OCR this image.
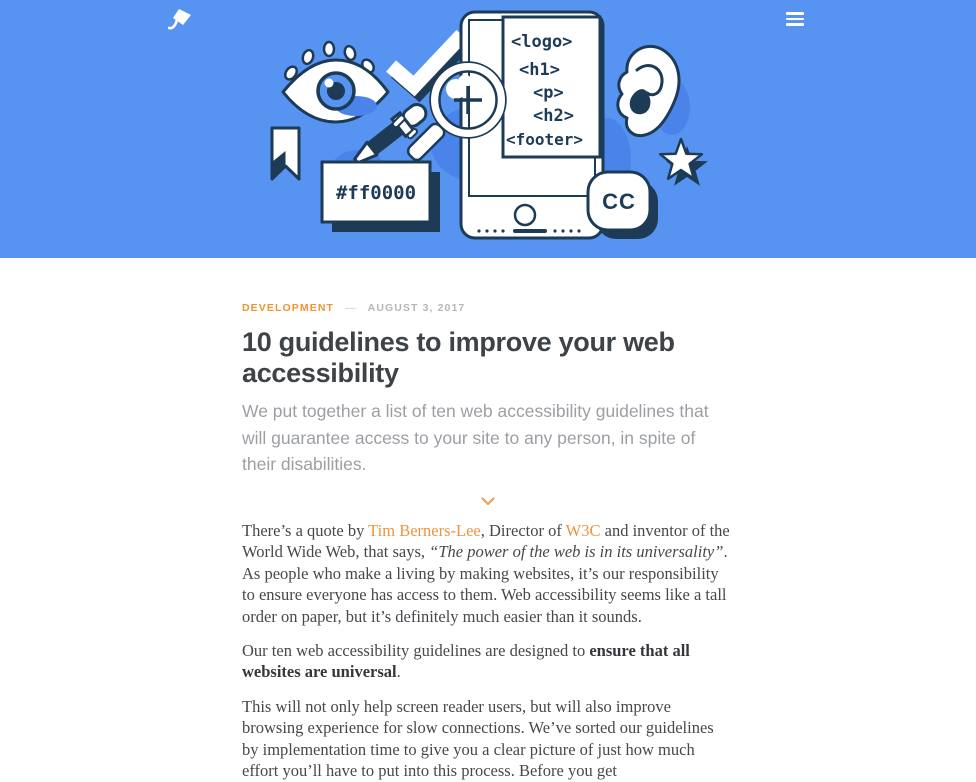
<logo>
<h1>
<p>
<h2>
<footer>
#ff0000	CC
DEVELOPMENT — AUGUST 3, 2017
10 guidelines to improve your web accessibility

We put together a list of ten web accessibility guidelines that will guarantee access to your site to any person, in spite of their disabilities.

There’s a quote by Tim Berners-Lee, Director of W3C and inventor of the World Wide Web, that says, “The power of the web is in its universality”. As people who make a living by making websites, it’s our responsibility to ensure everyone has access to them. Web accessibility seems like a tall order on paper, but it’s definitely much easier than it sounds.

Our ten web accessibility guidelines are designed to ensure that all websites are universal.

This will not only help screen reader users, but will also improve browsing experience for slow connections. We’ve sorted our guidelines by implementation time to give you a clear picture of just how much effort you’ll have to put into this process. Before you get
